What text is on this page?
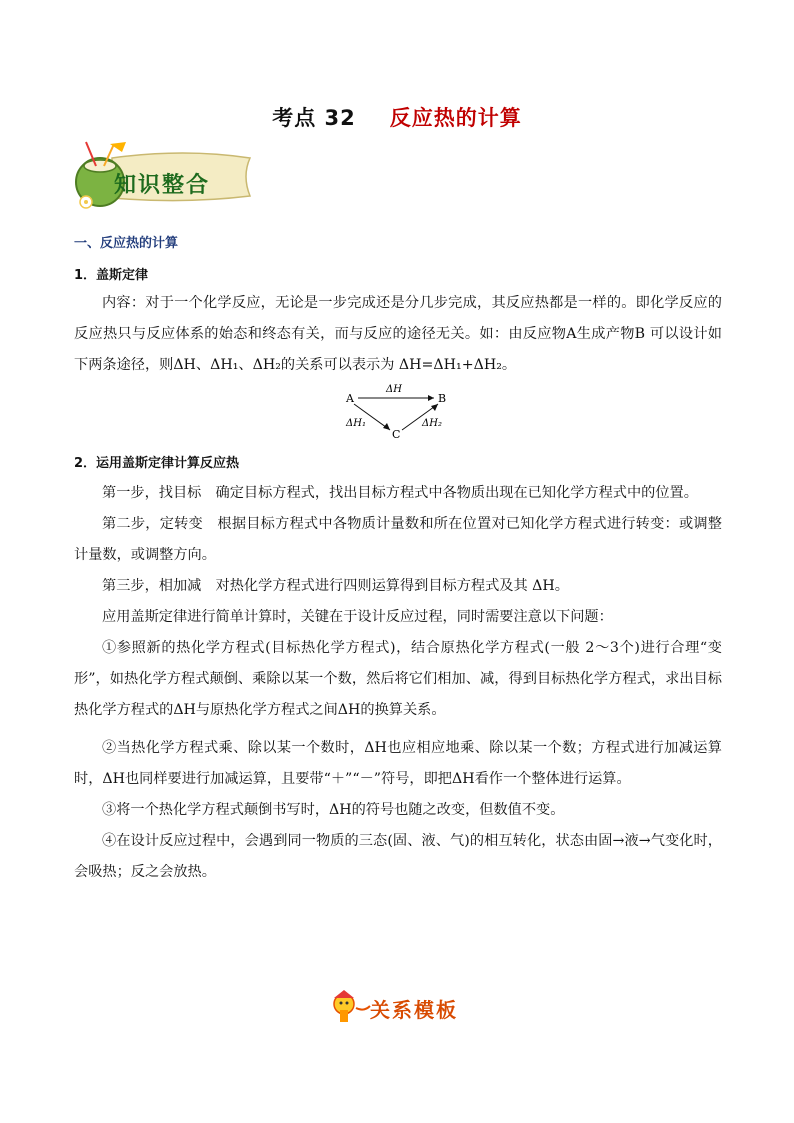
考点 32 反应热的计算
知识整合
一、反应热的计算
1．盖斯定律
内容：对于一个化学反应，无论是一步完成还是分几步完成，其反应热都是一样的。即化学反应的反应热只与反应体系的始态和终态有关，而与反应的途径无关。如：由反应物A生成产物B 可以设计如下两条途径，则ΔH、ΔH₁、ΔH₂的关系可以表示为 ΔH=ΔH₁+ΔH₂。
A	B
C
ΔH
ΔH₁	ΔH₂
2．运用盖斯定律计算反应热
第一步，找目标　确定目标方程式，找出目标方程式中各物质出现在已知化学方程式中的位置。
第二步，定转变　根据目标方程式中各物质计量数和所在位置对已知化学方程式进行转变：或调整计量数，或调整方向。
第三步，相加减　对热化学方程式进行四则运算得到目标方程式及其 ΔH。
应用盖斯定律进行简单计算时，关键在于设计反应过程，同时需要注意以下问题：
①参照新的热化学方程式(目标热化学方程式)，结合原热化学方程式(一般 2～3个)进行合理“变形”，如热化学方程式颠倒、乘除以某一个数，然后将它们相加、减，得到目标热化学方程式，求出目标热化学方程式的ΔH与原热化学方程式之间ΔH的换算关系。
②当热化学方程式乘、除以某一个数时，ΔH也应相应地乘、除以某一个数；方程式进行加减运算时，ΔH也同样要进行加减运算，且要带“＋”“－”符号，即把ΔH看作一个整体进行运算。
③将一个热化学方程式颠倒书写时，ΔH的符号也随之改变，但数值不变。
④在设计反应过程中，会遇到同一物质的三态(固、液、气)的相互转化，状态由固→液→气变化时，会吸热；反之会放热。
关系模板
